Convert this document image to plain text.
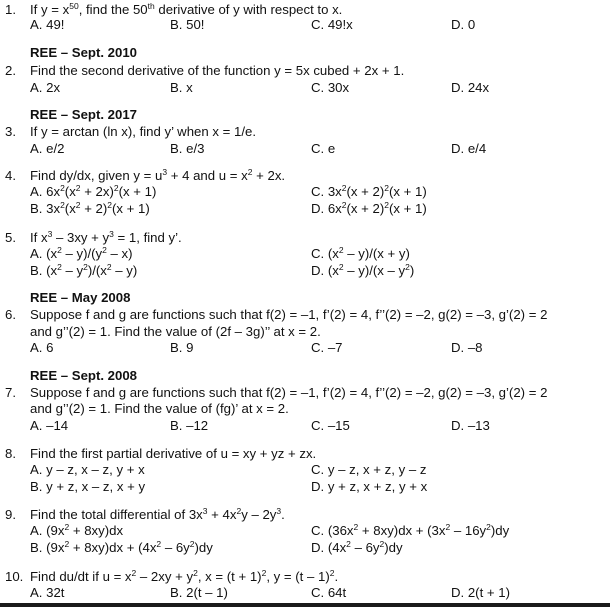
1. If $y = x^{50}$, find the 50th derivative of y with respect to x.
A. 49!	B. 50!	C. 49!x	D. 0
REE – Sept. 2010
2. Find the second derivative of the function y = 5x cubed + 2x + 1.
A. 2x	B. x	C. 30x	D. 24x
REE – Sept. 2017
3. If y = arctan (ln x), find y’ when x = 1/e.
A. e/2	B. e/3	C. e	D. e/4
4. Find dy/dx, given $y = u^3 + 4$ and $u = x^2 + 2x$.
A. $6x^2(x^2 + 2x)^2(x + 1)$
B. $3x^2(x^2 + 2)^2(x + 1)$
C. $3x^2(x + 2)^2(x + 1)$
D. $6x^2(x + 2)^2(x + 1)$
5. If $x^3 - 3xy + y^3 = 1$, find y’.
A. $(x^2 - y)/(y^2 - x)$
B. $(x^2 - y^2)/(x^2 - y)$
C. $(x^2 - y)/(x + y)$
D. $(x^2 - y)/(x - y^2)$
REE – May 2008
6. Suppose f and g are functions such that f(2) = –1, f’(2) = 4, f’’(2) = –2, g(2) = –3, g’(2) = 2
and g’’(2) = 1. Find the value of (2f – 3g)’’ at x = 2.
A. 6	B. 9	C. –7	D. –8
REE – Sept. 2008
7. Suppose f and g are functions such that f(2) = –1, f’(2) = 4, f’’(2) = –2, g(2) = –3, g’(2) = 2
and g’’(2) = 1. Find the value of (fg)’ at x = 2.
A. –14	B. –12	C. –15	D. –13
8. Find the first partial derivative of u = xy + yz + zx.
A. y – z, x – z, y + x
B. y + z, x – z, x + y
C. y – z, x + z, y – z
D. y + z, x + z, y + x
9. Find the total differential of $3x^3 + 4x^2y - 2y^3$.
A. $(9x^2 + 8xy)dx$
B. $(9x^2 + 8xy)dx + (4x^2 - 6y^2)dy$
C. $(36x^2 + 8xy)dx + (3x^2 - 16y^2)dy$
D. $(4x^2 - 6y^2)dy$
10. Find du/dt if $u = x^2 - 2xy + y^2$, $x = (t + 1)^2$, y = (t – 1)$^2$.
A. 32t	B. 2(t – 1)	C. 64t	D. 2(t + 1)
